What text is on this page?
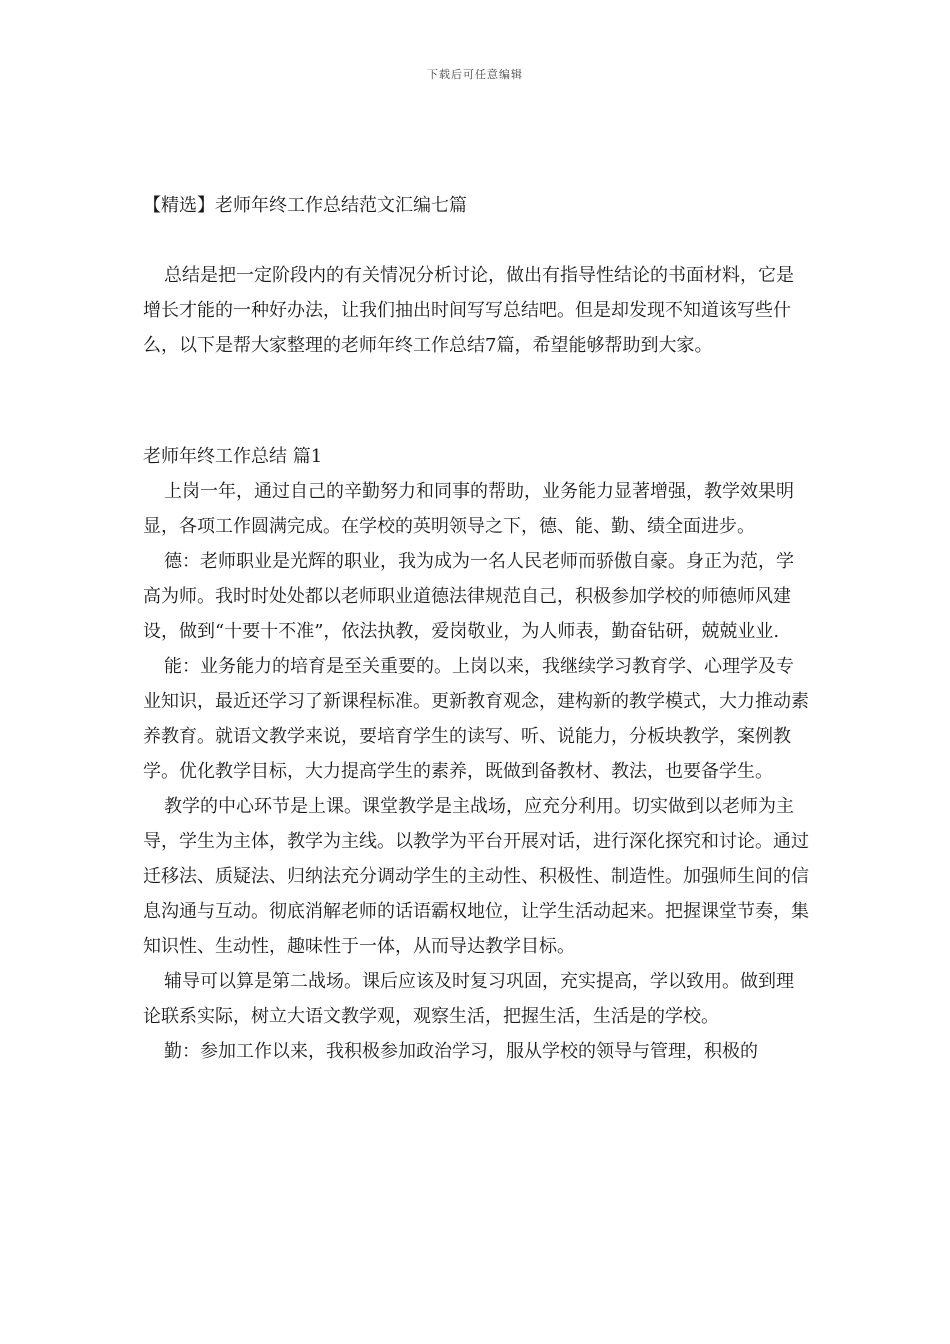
下载后可任意编辑
【精选】老师年终工作总结范文汇编七篇

总结是把一定阶段内的有关情况分析讨论，做出有指导性结论的书面材料，它是增长才能的一种好办法，让我们抽出时间写写总结吧。但是却发现不知道该写些什么，以下是帮大家整理的老师年终工作总结7篇，希望能够帮助到大家。

老师年终工作总结 篇1

上岗一年，通过自己的辛勤努力和同事的帮助，业务能力显著增强，教学效果明显，各项工作圆满完成。在学校的英明领导之下，德、能、勤、绩全面进步。

德：老师职业是光辉的职业，我为成为一名人民老师而骄傲自豪。身正为范，学高为师。我时时处处都以老师职业道德法律规范自己，积极参加学校的师德师风建设，做到“十要十不准”，依法执教，爱岗敬业，为人师表，勤奋钻研，兢兢业业.

能：业务能力的培育是至关重要的。上岗以来，我继续学习教育学、心理学及专业知识，最近还学习了新课程标准。更新教育观念，建构新的教学模式，大力推动素养教育。就语文教学来说，要培育学生的读写、听、说能力，分板块教学，案例教学。优化教学目标，大力提高学生的素养，既做到备教材、教法，也要备学生。

教学的中心环节是上课。课堂教学是主战场，应充分利用。切实做到以老师为主导，学生为主体，教学为主线。以教学为平台开展对话，进行深化探究和讨论。通过迁移法、质疑法、归纳法充分调动学生的主动性、积极性、制造性。加强师生间的信息沟通与互动。彻底消解老师的话语霸权地位，让学生活动起来。把握课堂节奏，集知识性、生动性，趣味性于一体，从而导达教学目标。

辅导可以算是第二战场。课后应该及时复习巩固，充实提高，学以致用。做到理论联系实际，树立大语文教学观，观察生活，把握生活，生活是的学校。

勤：参加工作以来，我积极参加政治学习，服从学校的领导与管理，积极的
